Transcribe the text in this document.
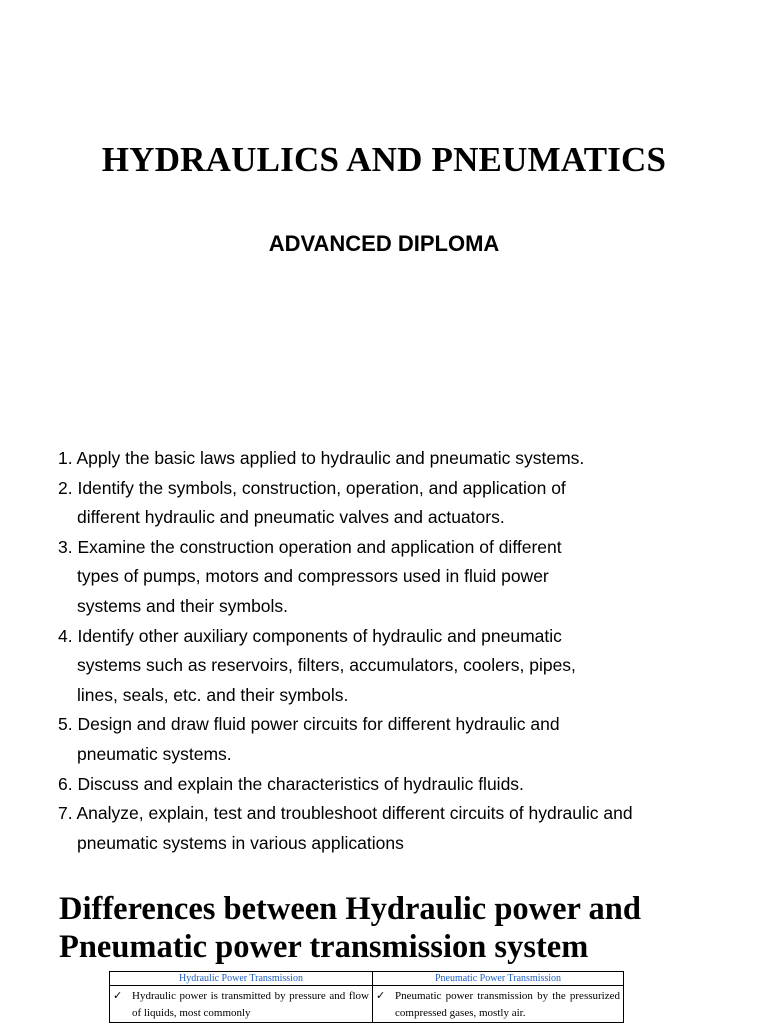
HYDRAULICS AND PNEUMATICS
ADVANCED DIPLOMA
1. Apply the basic laws applied to hydraulic and pneumatic systems.
2. Identify the symbols, construction, operation, and application of
different hydraulic and pneumatic valves and actuators.
3. Examine the construction operation and application of different
types of pumps, motors and compressors used in fluid power
systems and their symbols.
4. Identify other auxiliary components of hydraulic and pneumatic
systems such as reservoirs, filters, accumulators, coolers, pipes,
lines, seals, etc. and their symbols.
5. Design and draw fluid power circuits for different hydraulic and
pneumatic systems.
6. Discuss and explain the characteristics of hydraulic fluids.
7. Analyze, explain, test and troubleshoot different circuits of hydraulic and
pneumatic systems in various applications
Differences between Hydraulic power and
Pneumatic power transmission system
Hydraulic Power Transmission	Pneumatic Power Transmission

✓ Hydraulic power is transmitted by pressure and flow of liquids, most commonly	✓ Pneumatic power transmission by the pressurized compressed gases, mostly air.
